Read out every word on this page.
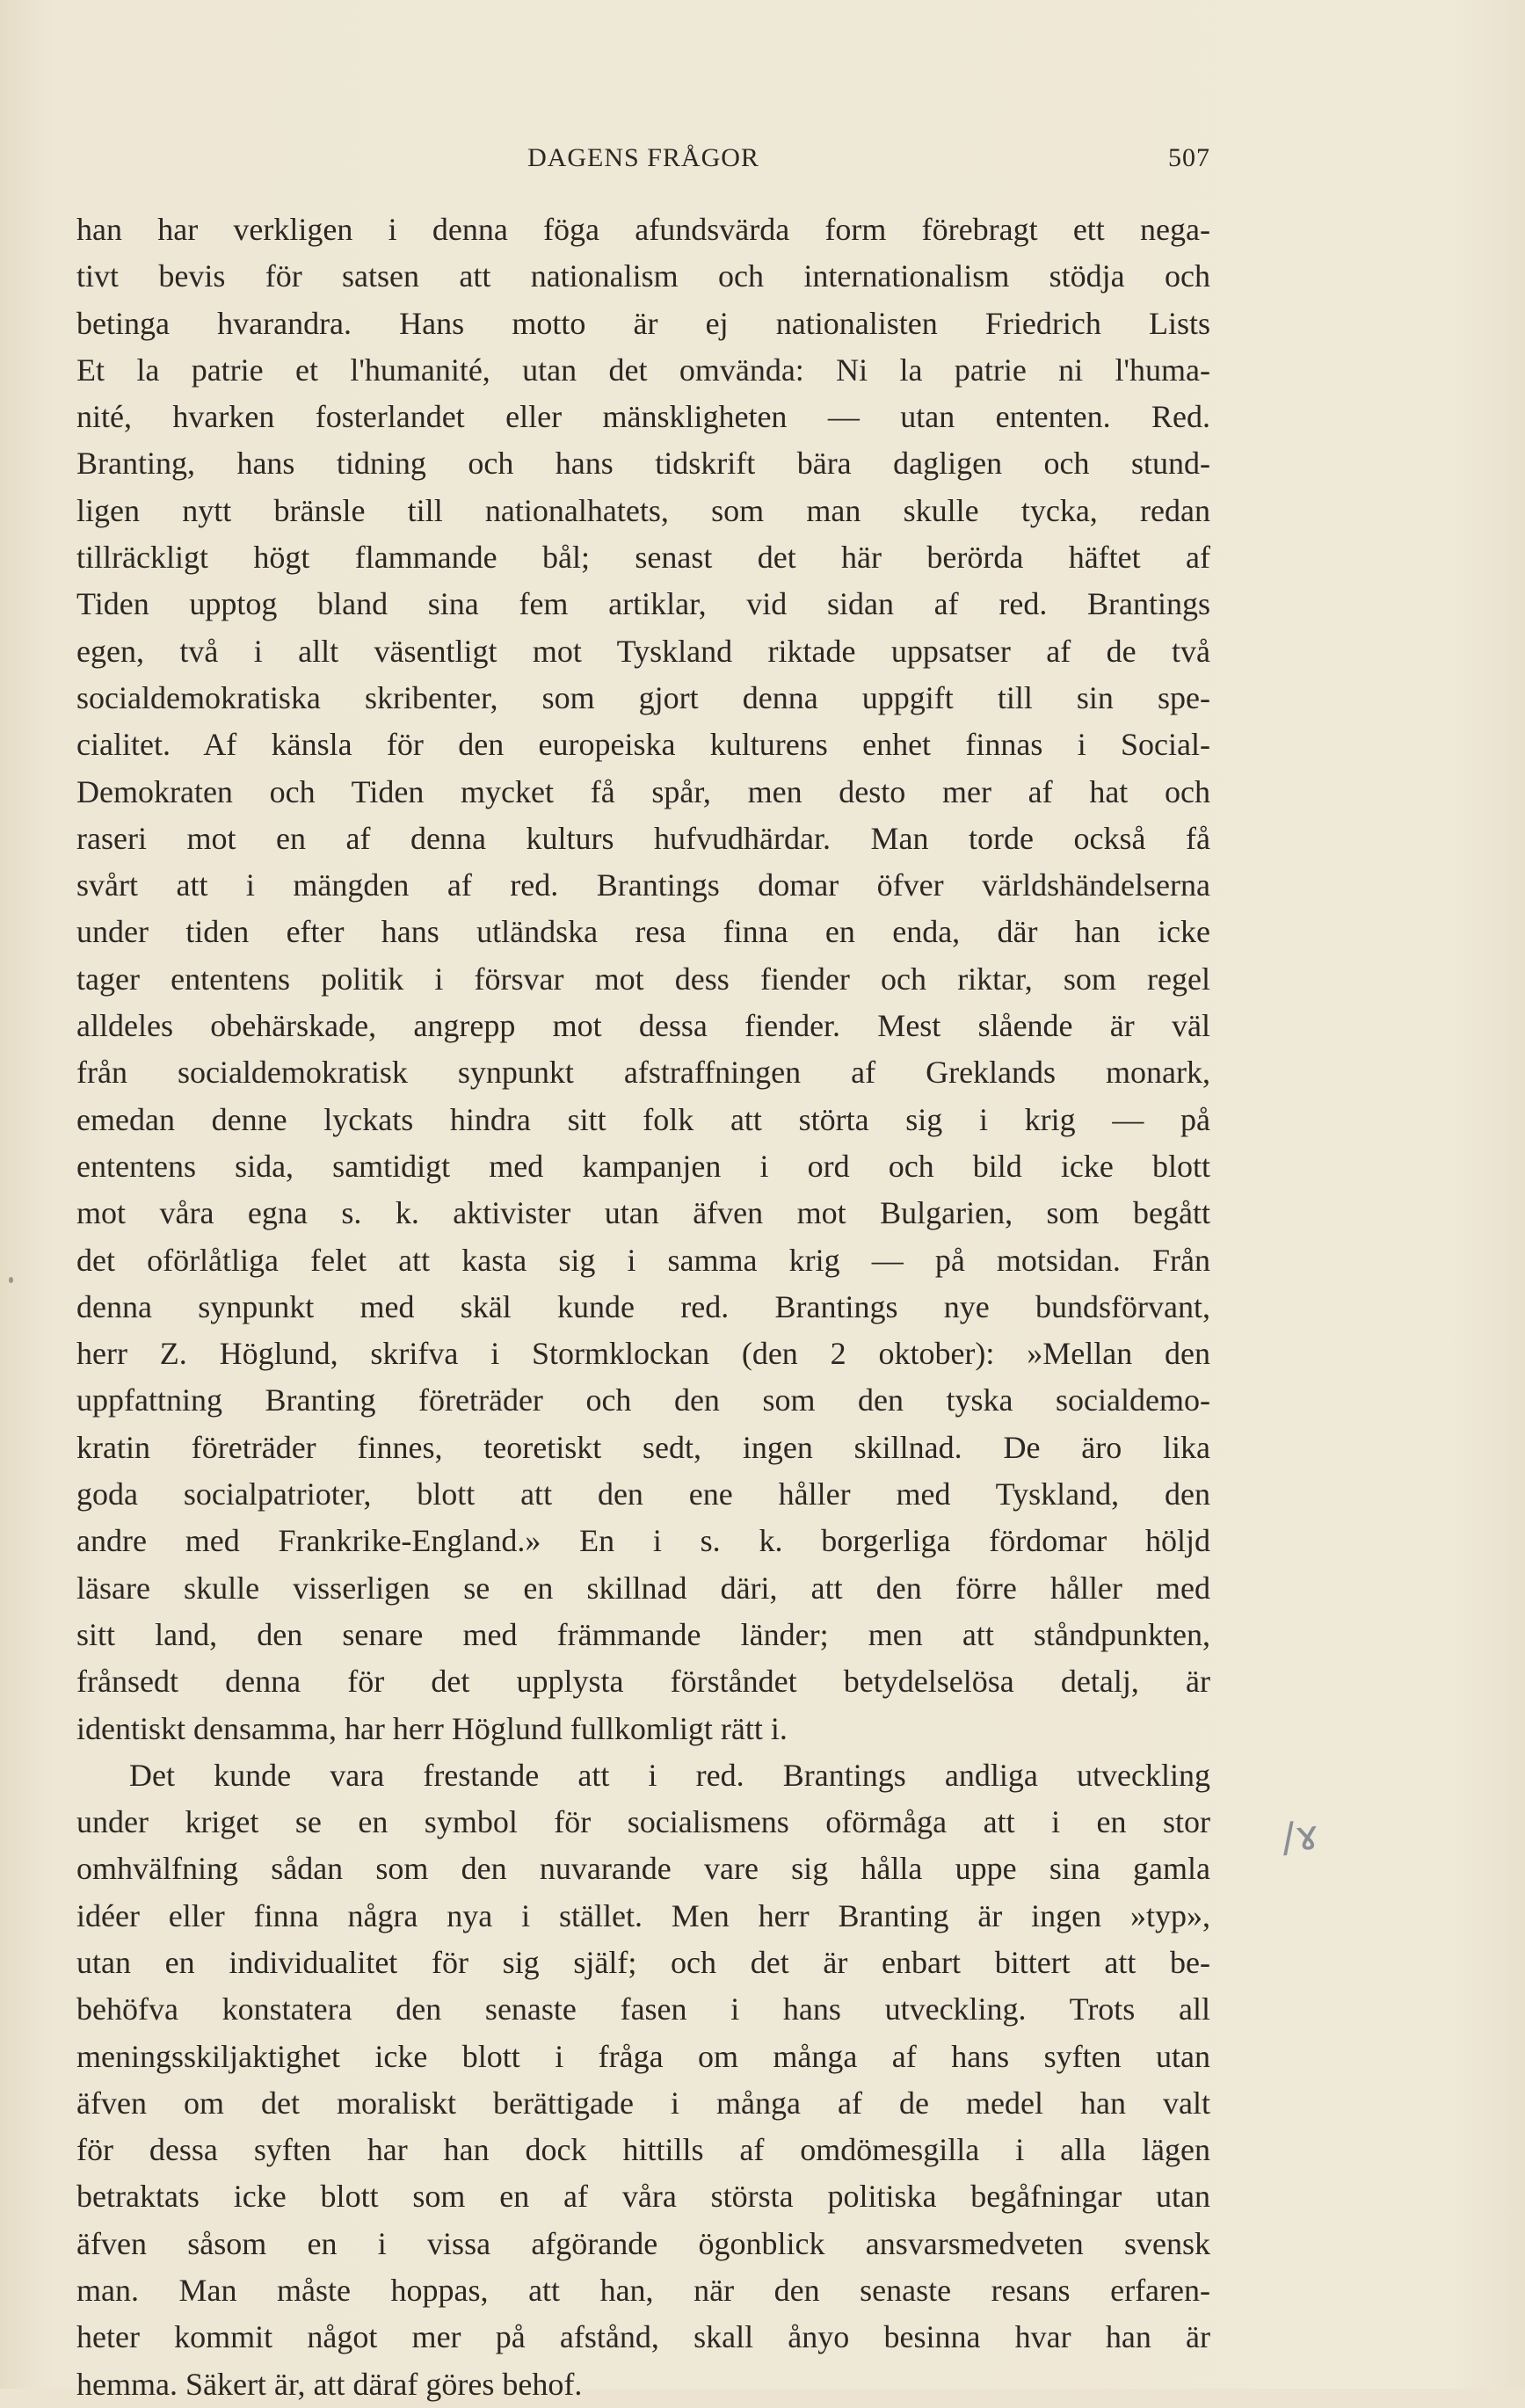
DAGENS FRÅGOR	507
han har verkligen i denna föga afundsvärda form förebragt ett nega-
tivt bevis för satsen att nationalism och internationalism stödja och
betinga hvarandra. Hans motto är ej nationalisten Friedrich Lists
Et la patrie et l'humanité, utan det omvända: Ni la patrie ni l'huma-
nité, hvarken fosterlandet eller mänskligheten — utan ententen. Red.
Branting, hans tidning och hans tidskrift bära dagligen och stund-
ligen nytt bränsle till nationalhatets, som man skulle tycka, redan
tillräckligt högt flammande bål; senast det här berörda häftet af
Tiden upptog bland sina fem artiklar, vid sidan af red. Brantings
egen, två i allt väsentligt mot Tyskland riktade uppsatser af de två
socialdemokratiska skribenter, som gjort denna uppgift till sin spe-
cialitet. Af känsla för den europeiska kulturens enhet finnas i Social-
Demokraten och Tiden mycket få spår, men desto mer af hat och
raseri mot en af denna kulturs hufvudhärdar. Man torde också få
svårt att i mängden af red. Brantings domar öfver världshändelserna
under tiden efter hans utländska resa finna en enda, där han icke
tager ententens politik i försvar mot dess fiender och riktar, som regel
alldeles obehärskade, angrepp mot dessa fiender. Mest slående är väl
från socialdemokratisk synpunkt afstraffningen af Greklands monark,
emedan denne lyckats hindra sitt folk att störta sig i krig — på
ententens sida, samtidigt med kampanjen i ord och bild icke blott
mot våra egna s. k. aktivister utan äfven mot Bulgarien, som begått
det oförlåtliga felet att kasta sig i samma krig — på motsidan. Från
denna synpunkt med skäl kunde red. Brantings nye bundsförvant,
herr Z. Höglund, skrifva i Stormklockan (den 2 oktober): »Mellan den
uppfattning Branting företräder och den som den tyska socialdemo-
kratin företräder finnes, teoretiskt sedt, ingen skillnad. De äro lika
goda socialpatrioter, blott att den ene håller med Tyskland, den
andre med Frankrike-England.» En i s. k. borgerliga fördomar höljd
läsare skulle visserligen se en skillnad däri, att den förre håller med
sitt land, den senare med främmande länder; men att ståndpunkten,
frånsedt denna för det upplysta förståndet betydelselösa detalj, är
identiskt densamma, har herr Höglund fullkomligt rätt i.
Det kunde vara frestande att i red. Brantings andliga utveckling
under kriget se en symbol för socialismens oförmåga att i en stor
omhvälfning sådan som den nuvarande vare sig hålla uppe sina gamla
idéer eller finna några nya i stället. Men herr Branting är ingen »typ»,
utan en individualitet för sig själf; och det är enbart bittert att be-
behöfva konstatera den senaste fasen i hans utveckling. Trots all
meningsskiljaktighet icke blott i fråga om många af hans syften utan
äfven om det moraliskt berättigade i många af de medel han valt
för dessa syften har han dock hittills af omdömesgilla i alla lägen
betraktats icke blott som en af våra största politiska begåfningar utan
äfven såsom en i vissa afgörande ögonblick ansvarsmedveten svensk
man. Man måste hoppas, att han, när den senaste resans erfaren-
heter kommit något mer på afstånd, skall ånyo besinna hvar han är
hemma. Säkert är, att däraf göres behof.
/ɤ
